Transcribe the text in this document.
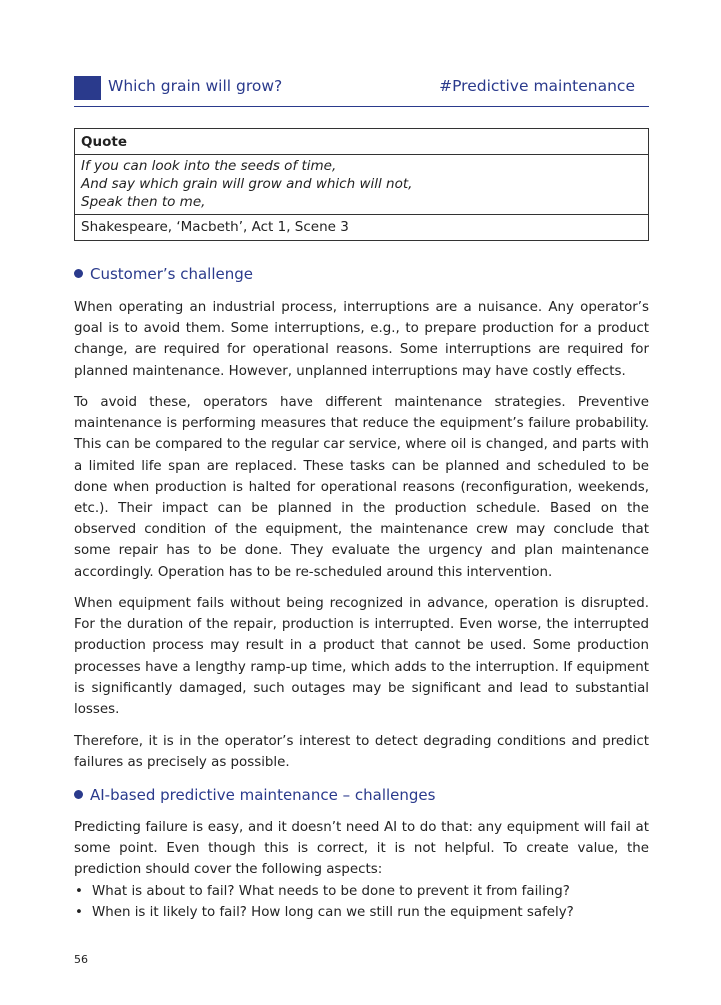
Which grain will grow?	#Predictive maintenance
Quote

If you can look into the seeds of time,
And say which grain will grow and which will not,
Speak then to me,

Shakespeare, ‘Macbeth’, Act 1, Scene 3
Customer’s challenge

When operating an industrial process, interruptions are a nuisance. Any operator’s goal is to avoid them. Some interruptions, e.g., to prepare production for a product change, are required for operational reasons. Some interruptions are required for planned maintenance. However, unplanned interruptions may have costly effects.

To avoid these, operators have different maintenance strategies. Preventive maintenance is performing measures that reduce the equipment’s failure probability. This can be compared to the regular car service, where oil is changed, and parts with a limited life span are replaced. These tasks can be planned and scheduled to be done when production is halted for operational reasons (reconfiguration, weekends, etc.). Their impact can be planned in the production schedule. Based on the observed condition of the equipment, the maintenance crew may conclude that some repair has to be done. They evaluate the urgency and plan maintenance accordingly. Operation has to be re-scheduled around this intervention.

When equipment fails without being recognized in advance, operation is disrupted. For the duration of the repair, production is interrupted. Even worse, the interrupted production process may result in a product that cannot be used. Some production processes have a lengthy ramp-up time, which adds to the interruption. If equipment is significantly damaged, such outages may be significant and lead to substantial losses.

Therefore, it is in the operator’s interest to detect degrading conditions and predict failures as precisely as possible.

AI-based predictive maintenance – challenges

Predicting failure is easy, and it doesn’t need AI to do that: any equipment will fail at some point. Even though this is correct, it is not helpful. To create value, the prediction should cover the following aspects:

• What is about to fail? What needs to be done to prevent it from failing?
• When is it likely to fail? How long can we still run the equipment safely?
56
